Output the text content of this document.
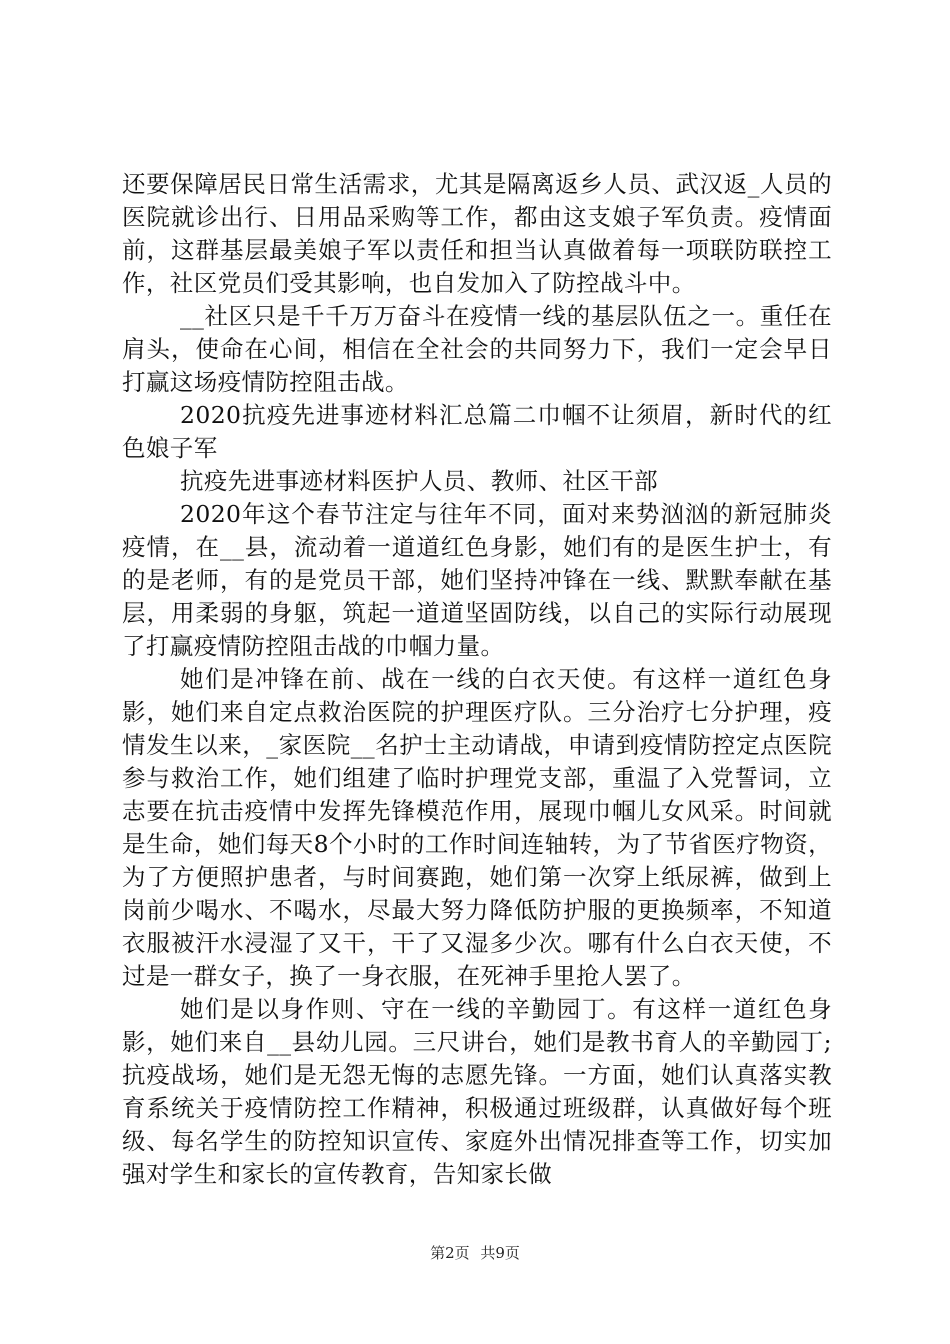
还要保障居民日常生活需求，尤其是隔离返乡人员、武汉返_人员的医院就诊出行、日用品采购等工作，都由这支娘子军负责。疫情面前，这群基层最美娘子军以责任和担当认真做着每一项联防联控工作，社区党员们受其影响，也自发加入了防控战斗中。

__社区只是千千万万奋斗在疫情一线的基层队伍之一。重任在肩头，使命在心间，相信在全社会的共同努力下，我们一定会早日打赢这场疫情防控阻击战。

2020抗疫先进事迹材料汇总篇二巾帼不让须眉，新时代的红色娘子军

抗疫先进事迹材料医护人员、教师、社区干部

2020年这个春节注定与往年不同，面对来势汹汹的新冠肺炎疫情，在__县，流动着一道道红色身影，她们有的是医生护士，有的是老师，有的是党员干部，她们坚持冲锋在一线、默默奉献在基层，用柔弱的身躯，筑起一道道坚固防线，以自己的实际行动展现了打赢疫情防控阻击战的巾帼力量。

她们是冲锋在前、战在一线的白衣天使。有这样一道红色身影，她们来自定点救治医院的护理医疗队。三分治疗七分护理，疫情发生以来，_家医院__名护士主动请战，申请到疫情防控定点医院参与救治工作，她们组建了临时护理党支部，重温了入党誓词，立志要在抗击疫情中发挥先锋模范作用，展现巾帼儿女风采。时间就是生命，她们每天8个小时的工作时间连轴转，为了节省医疗物资，为了方便照护患者，与时间赛跑，她们第一次穿上纸尿裤，做到上岗前少喝水、不喝水，尽最大努力降低防护服的更换频率，不知道衣服被汗水浸湿了又干，干了又湿多少次。哪有什么白衣天使，不过是一群女子，换了一身衣服，在死神手里抢人罢了。

她们是以身作则、守在一线的辛勤园丁。有这样一道红色身影，她们来自__县幼儿园。三尺讲台，她们是教书育人的辛勤园丁;抗疫战场，她们是无怨无悔的志愿先锋。一方面，她们认真落实教育系统关于疫情防控工作精神，积极通过班级群，认真做好每个班级、每名学生的防控知识宣传、家庭外出情况排查等工作，切实加强对学生和家长的宣传教育，告知家长做

第2页 共9页
